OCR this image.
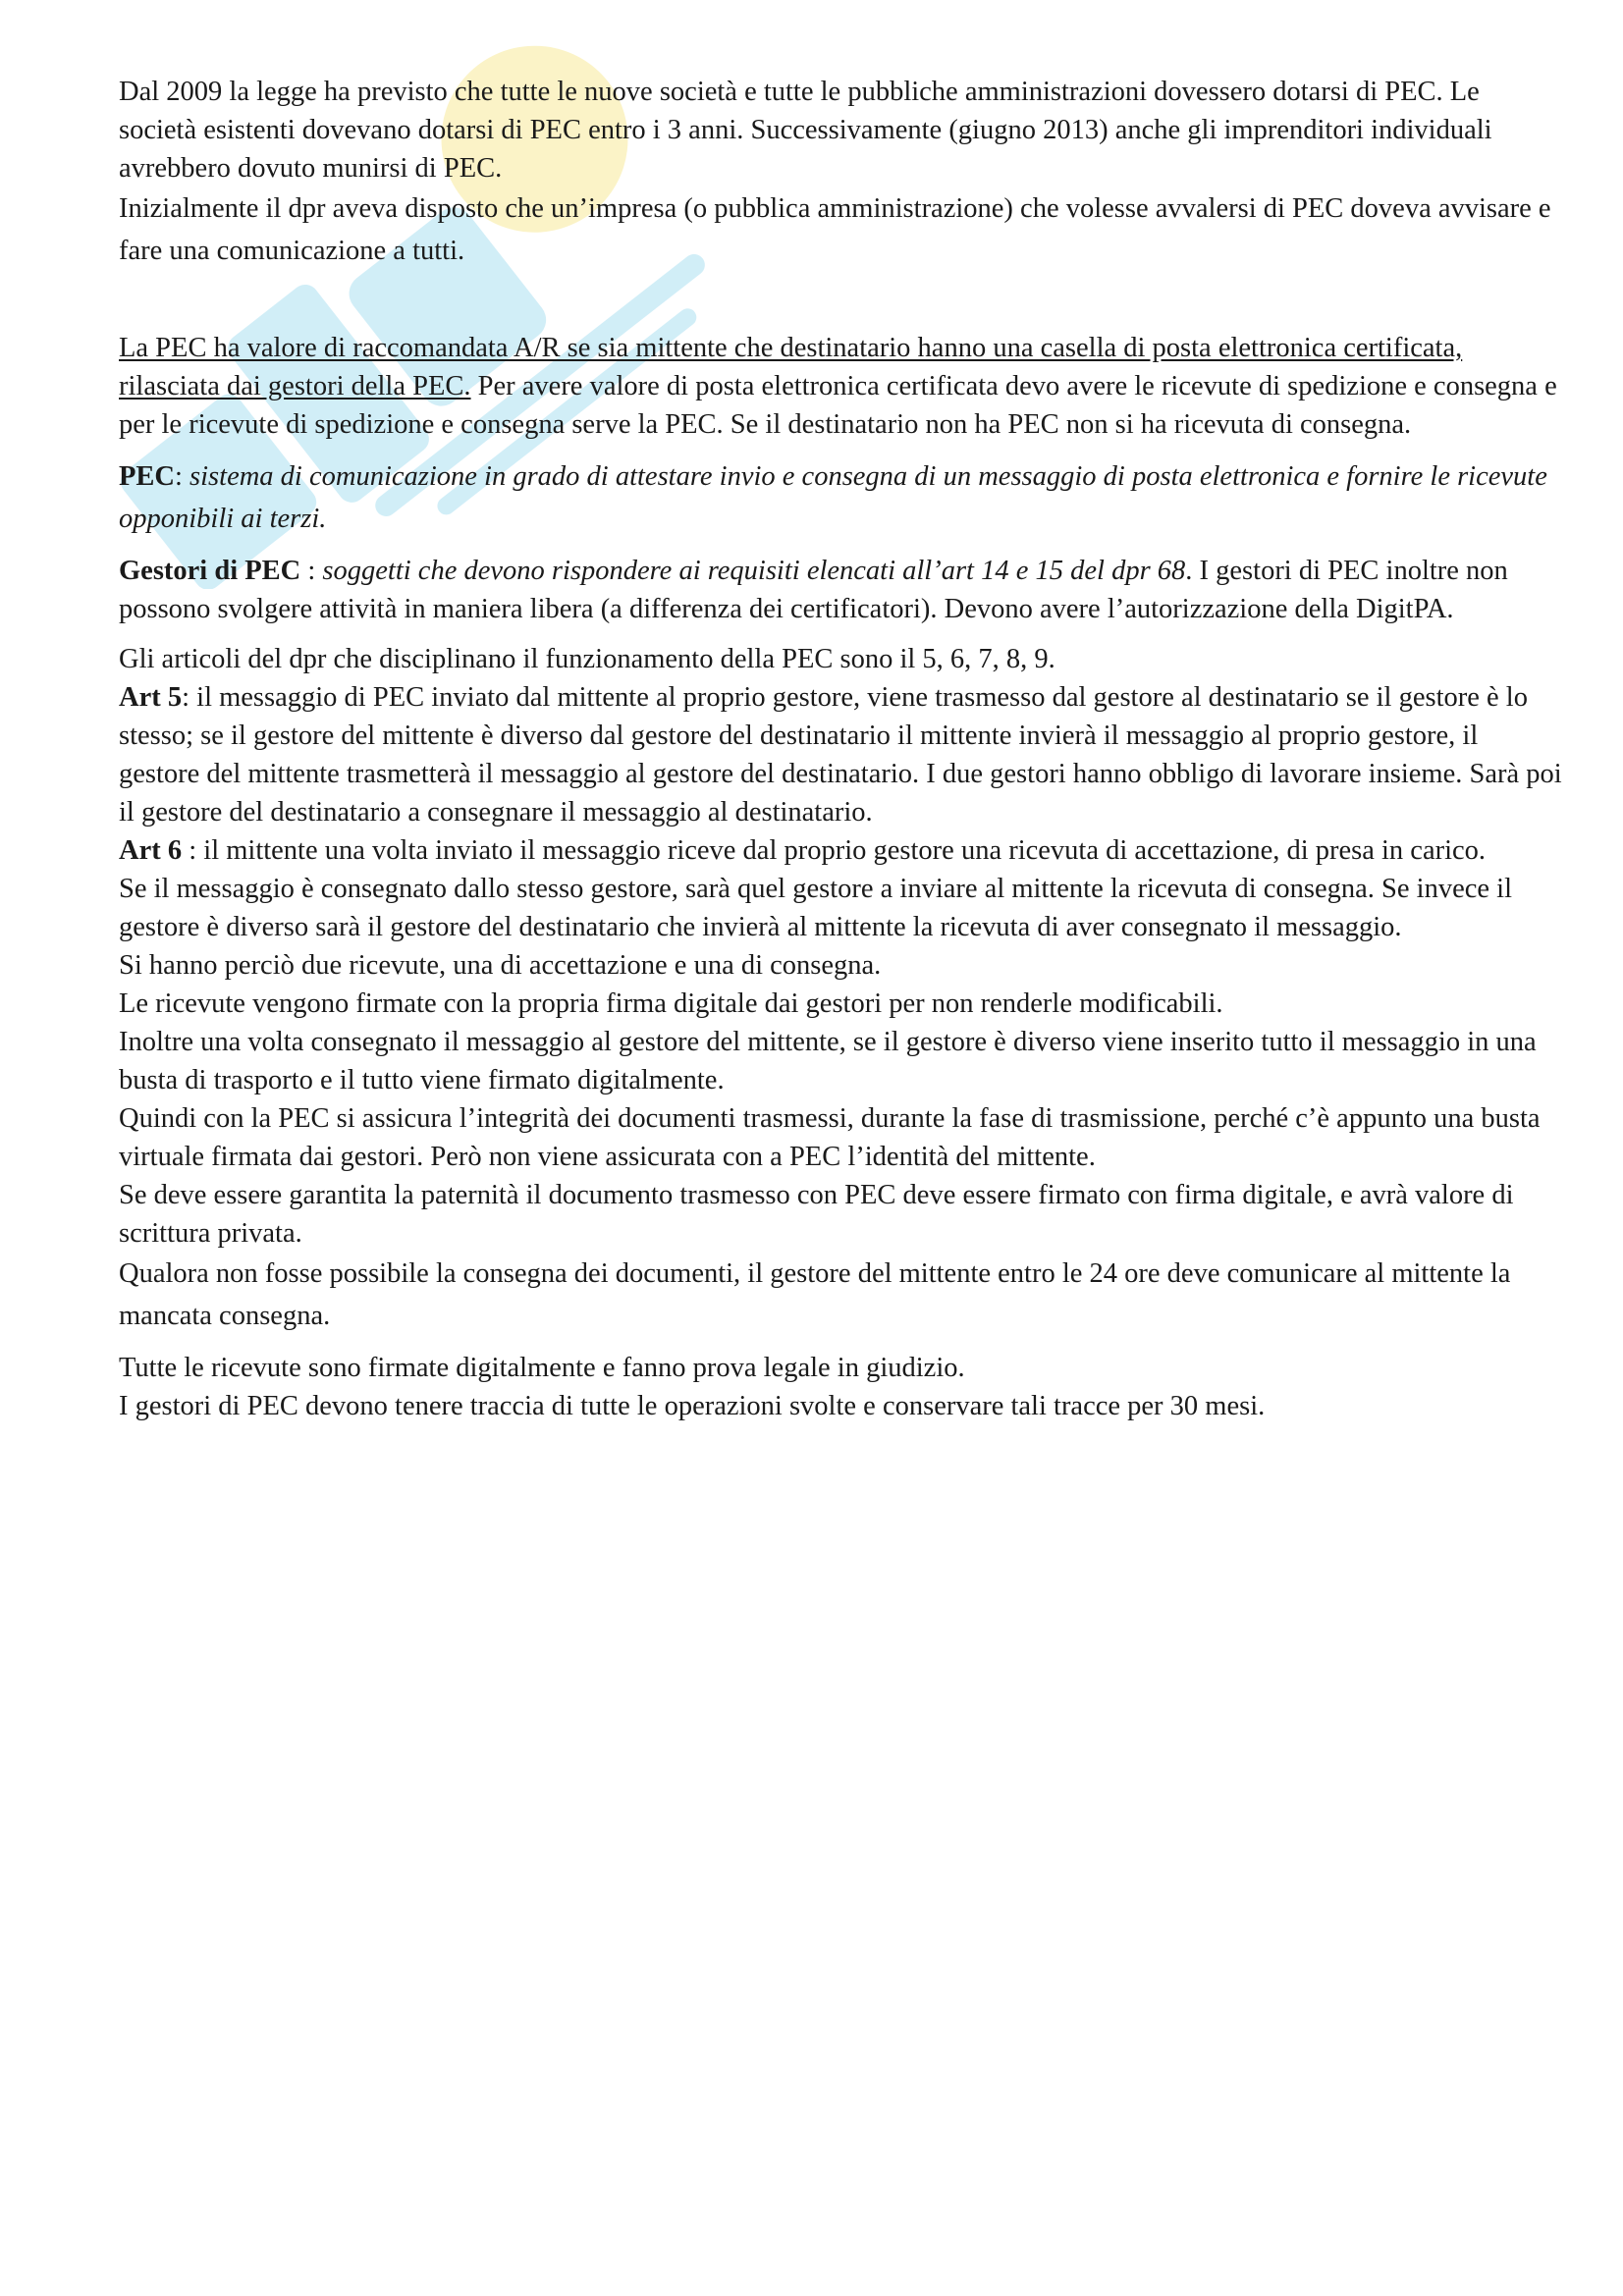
Dal 2009 la legge ha previsto che tutte le nuove società e tutte le pubbliche amministrazioni dovessero dotarsi di PEC. Le società esistenti dovevano dotarsi di PEC entro i 3 anni. Successivamente (giugno 2013) anche gli imprenditori individuali avrebbero dovuto munirsi di PEC.

Inizialmente il dpr aveva disposto che un’impresa (o pubblica amministrazione) che volesse avvalersi di PEC doveva avvisare e fare una comunicazione a tutti.

La PEC ha valore di raccomandata A/R se sia mittente che destinatario hanno una casella di posta elettronica certificata, rilasciata dai gestori della PEC. Per avere valore di posta elettronica certificata devo avere le ricevute di spedizione e consegna e per le ricevute di spedizione e consegna serve la PEC. Se il destinatario non ha PEC non si ha ricevuta di consegna.

PEC: sistema di comunicazione in grado di attestare invio e consegna di un messaggio di posta elettronica e fornire le ricevute opponibili ai terzi.

Gestori di PEC : soggetti che devono rispondere ai requisiti elencati all’art 14 e 15 del dpr 68. I gestori di PEC inoltre non possono svolgere attività in maniera libera (a differenza dei certificatori). Devono avere l’autorizzazione della DigitPA.

Gli articoli del dpr che disciplinano il funzionamento della PEC sono il 5, 6, 7, 8, 9.

Art 5: il messaggio di PEC inviato dal mittente al proprio gestore, viene trasmesso dal gestore al destinatario se il gestore è lo stesso; se il gestore del mittente è diverso dal gestore del destinatario il mittente invierà il messaggio al proprio gestore, il gestore del mittente trasmetterà il messaggio al gestore del destinatario. I due gestori hanno obbligo di lavorare insieme. Sarà poi il gestore del destinatario a consegnare il messaggio al destinatario.

Art 6 : il mittente una volta inviato il messaggio riceve dal proprio gestore una ricevuta di accettazione, di presa in carico.

Se il messaggio è consegnato dallo stesso gestore, sarà quel gestore a inviare al mittente la ricevuta di consegna. Se invece il gestore è diverso sarà il gestore del destinatario che invierà al mittente la ricevuta di aver consegnato il messaggio.

Si hanno perciò due ricevute, una di accettazione e una di consegna.

Le ricevute vengono firmate con la propria firma digitale dai gestori per non renderle modificabili.

Inoltre una volta consegnato il messaggio al gestore del mittente, se il gestore è diverso viene inserito tutto il messaggio in una busta di trasporto e il tutto viene firmato digitalmente.

Quindi con la PEC si assicura l’integrità dei documenti trasmessi, durante la fase di trasmissione, perché c’è appunto una busta virtuale firmata dai gestori. Però non viene assicurata con a PEC l’identità del mittente.

Se deve essere garantita la paternità il documento trasmesso con PEC deve essere firmato con firma digitale, e avrà valore di scrittura privata.

Qualora non fosse possibile la consegna dei documenti, il gestore del mittente entro le 24 ore deve comunicare al mittente la mancata consegna.

Tutte le ricevute sono firmate digitalmente e fanno prova legale in giudizio.

I gestori di PEC devono tenere traccia di tutte le operazioni svolte e conservare tali tracce per 30 mesi.
